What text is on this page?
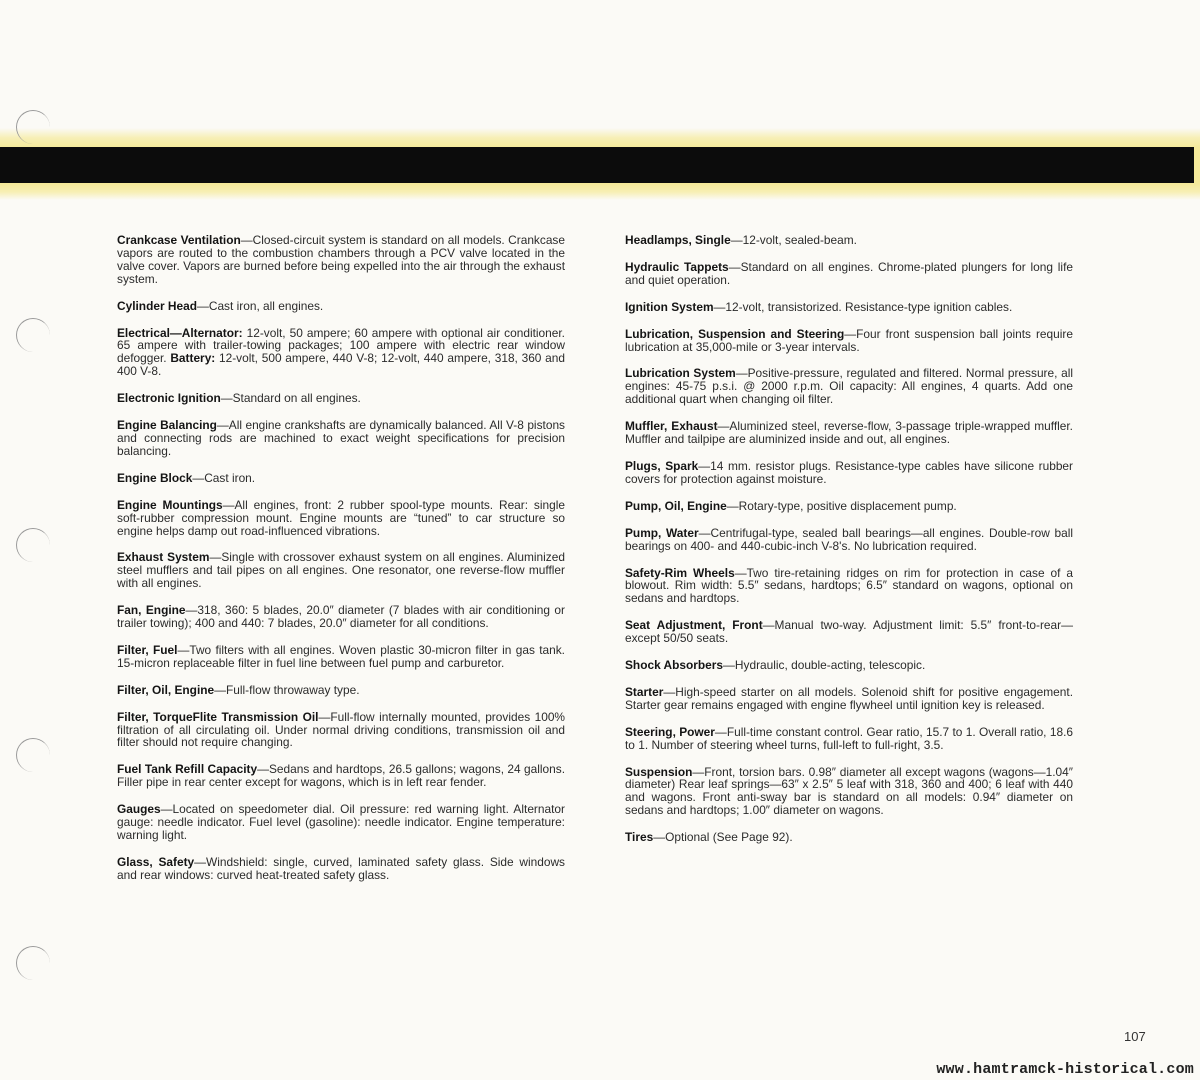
Crankcase Ventilation—Closed-circuit system is standard on all models. Crankcase vapors are routed to the combustion chambers through a PCV valve located in the valve cover. Vapors are burned before being expelled into the air through the exhaust system.

Cylinder Head—Cast iron, all engines.

Electrical—Alternator: 12-volt, 50 ampere; 60 ampere with optional air conditioner. 65 ampere with trailer-towing packages; 100 ampere with electric rear window defogger. Battery: 12-volt, 500 ampere, 440 V-8; 12-volt, 440 ampere, 318, 360 and 400 V-8.

Electronic Ignition—Standard on all engines.

Engine Balancing—All engine crankshafts are dynamically balanced. All V-8 pistons and connecting rods are machined to exact weight specifications for precision balancing.

Engine Block—Cast iron.

Engine Mountings—All engines, front: 2 rubber spool-type mounts. Rear: single soft-rubber compression mount. Engine mounts are “tuned” to car structure so engine helps damp out road-influenced vibrations.

Exhaust System—Single with crossover exhaust system on all engines. Aluminized steel mufflers and tail pipes on all engines. One resonator, one reverse-flow muffler with all engines.

Fan, Engine—318, 360: 5 blades, 20.0″ diameter (7 blades with air conditioning or trailer towing); 400 and 440: 7 blades, 20.0″ diameter for all conditions.

Filter, Fuel—Two filters with all engines. Woven plastic 30-micron filter in gas tank. 15-micron replaceable filter in fuel line between fuel pump and carburetor.

Filter, Oil, Engine—Full-flow throwaway type.

Filter, TorqueFlite Transmission Oil—Full-flow internally mounted, provides 100% filtration of all circulating oil. Under normal driving conditions, transmission oil and filter should not require changing.

Fuel Tank Refill Capacity—Sedans and hardtops, 26.5 gallons; wagons, 24 gallons. Filler pipe in rear center except for wagons, which is in left rear fender.

Gauges—Located on speedometer dial. Oil pressure: red warning light. Alternator gauge: needle indicator. Fuel level (gasoline): needle indicator. Engine temperature: warning light.

Glass, Safety—Windshield: single, curved, laminated safety glass. Side windows and rear windows: curved heat-treated safety glass.

Headlamps, Single—12-volt, sealed-beam.

Hydraulic Tappets—Standard on all engines. Chrome-plated plungers for long life and quiet operation.

Ignition System—12-volt, transistorized. Resistance-type ignition cables.

Lubrication, Suspension and Steering—Four front suspension ball joints require lubrication at 35,000-mile or 3-year intervals.

Lubrication System—Positive-pressure, regulated and filtered. Normal pressure, all engines: 45-75 p.s.i. @ 2000 r.p.m. Oil capacity: All engines, 4 quarts. Add one additional quart when changing oil filter.

Muffler, Exhaust—Aluminized steel, reverse-flow, 3-passage triple-wrapped muffler. Muffler and tailpipe are aluminized inside and out, all engines.

Plugs, Spark—14 mm. resistor plugs. Resistance-type cables have silicone rubber covers for protection against moisture.

Pump, Oil, Engine—Rotary-type, positive displacement pump.

Pump, Water—Centrifugal-type, sealed ball bearings—all engines. Double-row ball bearings on 400- and 440-cubic-inch V-8's. No lubrication required.

Safety-Rim Wheels—Two tire-retaining ridges on rim for protection in case of a blowout. Rim width: 5.5″ sedans, hardtops; 6.5″ standard on wagons, optional on sedans and hardtops.

Seat Adjustment, Front—Manual two-way. Adjustment limit: 5.5″ front-to-rear—except 50/50 seats.

Shock Absorbers—Hydraulic, double-acting, telescopic.

Starter—High-speed starter on all models. Solenoid shift for positive engagement. Starter gear remains engaged with engine flywheel until ignition key is released.

Steering, Power—Full-time constant control. Gear ratio, 15.7 to 1. Overall ratio, 18.6 to 1. Number of steering wheel turns, full-left to full-right, 3.5.

Suspension—Front, torsion bars. 0.98″ diameter all except wagons (wagons—1.04″ diameter) Rear leaf springs—63″ x 2.5″ 5 leaf with 318, 360 and 400; 6 leaf with 440 and wagons. Front anti-sway bar is standard on all models: 0.94″ diameter on sedans and hardtops; 1.00″ diameter on wagons.

Tires—Optional (See Page 92).

107
www.hamtramck-historical.com
